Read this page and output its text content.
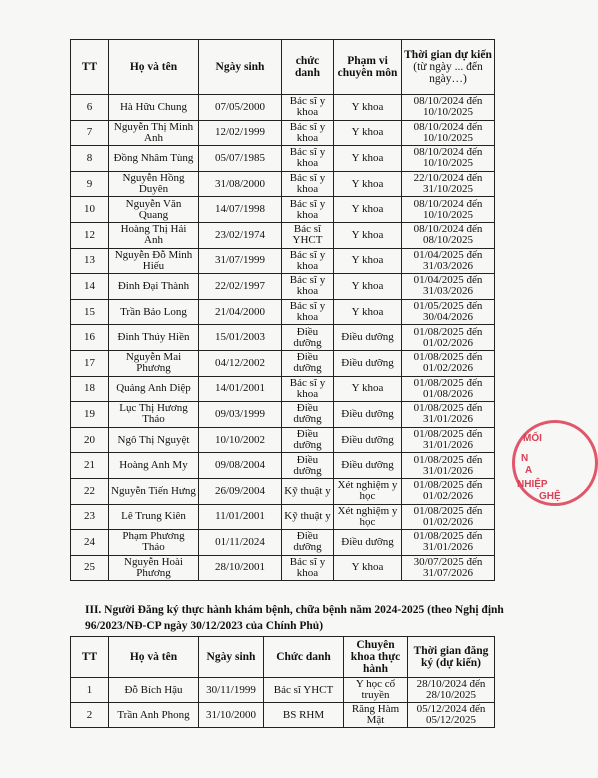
TT	Họ và tên	Ngày sinh	chức danh	Phạm vi chuyên môn	Thời gian dự kiến
(từ ngày ... đến ngày…)
6	Hà Hữu Chung	07/05/2000	Bác sĩ y khoa	Y khoa	08/10/2024 đến 10/10/2025
7	Nguyễn Thị Minh Anh	12/02/1999	Bác sĩ y khoa	Y khoa	08/10/2024 đến 10/10/2025
8	Đồng Nhâm Tùng	05/07/1985	Bác sĩ y khoa	Y khoa	08/10/2024 đến 10/10/2025
9	Nguyễn Hồng Duyên	31/08/2000	Bác sĩ y khoa	Y khoa	22/10/2024 đến 31/10/2025
10	Nguyễn Văn Quang	14/07/1998	Bác sĩ y khoa	Y khoa	08/10/2024 đến 10/10/2025
12	Hoàng Thị Hải Anh	23/02/1974	Bác sĩ YHCT	Y khoa	08/10/2024 đến 08/10/2025
13	Nguyễn Đỗ Minh Hiếu	31/07/1999	Bác sĩ y khoa	Y khoa	01/04/2025 đến 31/03/2026
14	Đinh Đại Thành	22/02/1997	Bác sĩ y khoa	Y khoa	01/04/2025 đến 31/03/2026
15	Trần Bảo Long	21/04/2000	Bác sĩ y khoa	Y khoa	01/05/2025 đến 30/04/2026
16	Đinh Thúy Hiền	15/01/2003	Điều dưỡng	Điều dưỡng	01/08/2025 đến 01/02/2026
17	Nguyễn Mai Phương	04/12/2002	Điều dưỡng	Điều dưỡng	01/08/2025 đến 01/02/2026
18	Quảng Anh Diệp	14/01/2001	Bác sĩ y khoa	Y khoa	01/08/2025 đến 01/08/2026
19	Lục Thị Hương Thảo	09/03/1999	Điều dưỡng	Điều dưỡng	01/08/2025 đến 31/01/2026
20	Ngô Thị Nguyệt	10/10/2002	Điều dưỡng	Điều dưỡng	01/08/2025 đến 31/01/2026
21	Hoàng Anh My	09/08/2004	Điều dưỡng	Điều dưỡng	01/08/2025 đến 31/01/2026
22	Nguyễn Tiến Hưng	26/09/2004	Kỹ thuật y	Xét nghiệm y học	01/08/2025 đến 01/02/2026
23	Lê Trung Kiên	11/01/2001	Kỹ thuật y	Xét nghiệm y học	01/08/2025 đến 01/02/2026
24	Phạm Phương Thảo	01/11/2024	Điều dưỡng	Điều dưỡng	01/08/2025 đến 31/01/2026
25	Nguyễn Hoài Phương	28/10/2001	Bác sĩ y khoa	Y khoa	30/07/2025 đến 31/07/2026
III. Người Đăng ký thực hành khám bệnh, chữa bệnh năm 2024-2025 (theo Nghị định 96/2023/NĐ-CP ngày 30/12/2023 của Chính Phủ)
TT	Họ và tên	Ngày sinh	Chức danh	Chuyên khoa thực hành	Thời gian đăng ký (dự kiến)
1	Đỗ Bích Hậu	30/11/1999	Bác sĩ YHCT	Y học cổ truyền	28/10/2024 đến 28/10/2025
2	Trần Anh Phong	31/10/2000	BS RHM	Răng Hàm Mặt	05/12/2024 đến 05/12/2025
MỐI
N
A
NHIỆP
GHỆ
